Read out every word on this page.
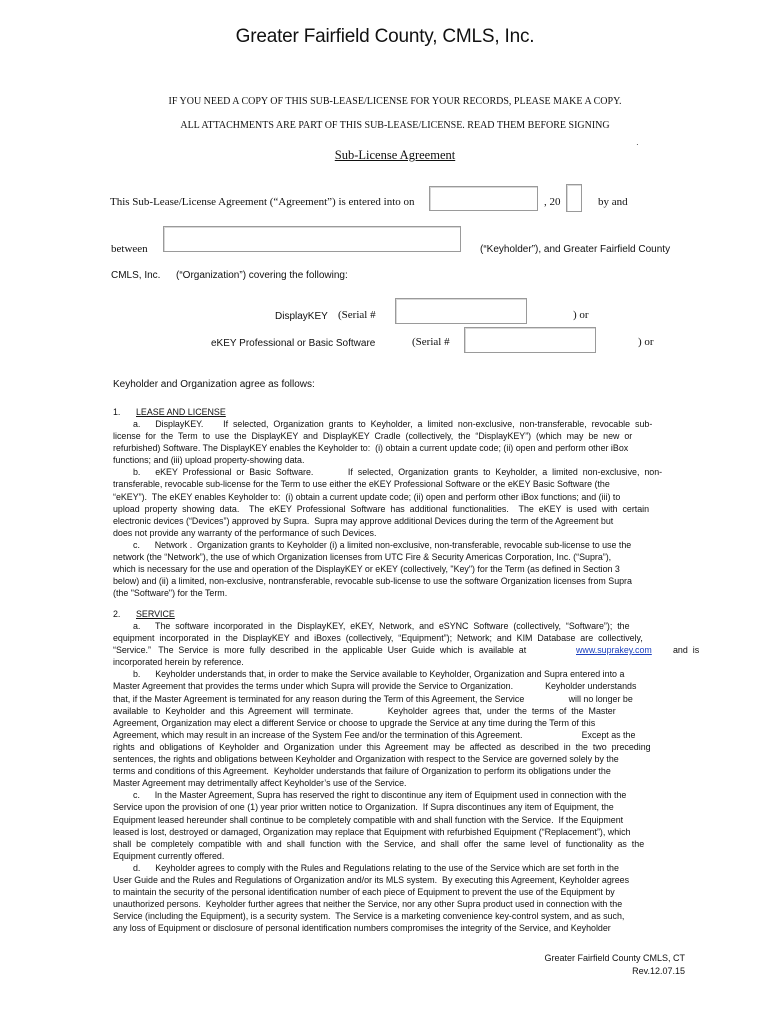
Greater Fairfield County, CMLS, Inc.
IF YOU NEED A COPY OF THIS SUB-LEASE/LICENSE FOR YOUR RECORDS, PLEASE MAKE A COPY.
ALL ATTACHMENTS ARE PART OF THIS SUB-LEASE/LICENSE. READ THEM BEFORE SIGNING
Sub-License Agreement
·
This Sub-Lease/License Agreement (“Agreement”) is entered into on	, 20	by and
between	(“Keyholder”), and Greater Fairfield County
CMLS, Inc. (“Organization”) covering the following:
DisplayKEY (Serial #	) or
eKEY Professional or Basic Software	(Serial #	) or
Keyholder and Organization agree as follows:
1. LEASE AND LICENSE
a.      DisplayKEY.        If  selected,  Organization  grants  to  Keyholder,  a  limited  non-exclusive,  non-transferable,  revocable  sub-
license  for  the  Term  to  use  the  DisplayKEY  and  DisplayKEY  Cradle  (collectively,  the  “DisplayKEY”)  (which  may  be  new  or
refurbished) Software. The DisplayKEY enables the Keyholder to:  (i) obtain a current update code; (ii) open and perform other iBox
functions; and (iii) upload property-showing data.
b.      eKEY  Professional  or  Basic  Software.              If  selected,  Organization  grants  to  Keyholder,  a  limited  non-exclusive,  non-
transferable, revocable sub-license for the Term to use either the eKEY Professional Software or the eKEY Basic Software (the
“eKEY”).  The eKEY enables Keyholder to:  (i) obtain a current update code; (ii) open and perform other iBox functions; and (iii) to
upload  property  showing  data.    The  eKEY  Professional  Software  has  additional  functionalities.    The  eKEY  is  used  with  certain
electronic devices (“Devices”) approved by Supra.  Supra may approve additional Devices during the term of the Agreement but
does not provide any warranty of the performance of such Devices.
c.      Network .  Organization grants to Keyholder (i) a limited non-exclusive, non-transferable, revocable sub-license to use the
network (the “Network”), the use of which Organization licenses from UTC Fire & Security Americas Corporation, Inc. (“Supra”),
which is necessary for the use and operation of the DisplayKEY or eKEY (collectively, "Key") for the Term (as defined in Section 3
below) and (ii) a limited, non-exclusive, nontransferable, revocable sub-license to use the software Organization licenses from Supra
(the "Software") for the Term.
2. SERVICE
a.      The  software  incorporated  in  the  DisplayKEY,  eKEY,  Network,  and  eSYNC  Software  (collectively,  “Software”);  the
equipment  incorporated  in  the  DisplayKEY  and  iBoxes  (collectively,  “Equipment”);  Network;  and  KIM  Database  are  collectively,
“Service.”   The  Service  is  more  fully  described  in  the  applicable  User  Guide  which  is  available  at	www.suprakey.com and  is
incorporated herein by reference.
b.      Keyholder understands that, in order to make the Service available to Keyholder, Organization and Supra entered into a
Master Agreement that provides the terms under which Supra will provide the Service to Organization.             Keyholder understands
that, if the Master Agreement is terminated for any reason during the Term of this Agreement, the Service                  will no longer be
available  to  Keyholder  and  this  Agreement  will  terminate.              Keyholder  agrees  that,  under  the  terms  of  the  Master
Agreement, Organization may elect a different Service or choose to upgrade the Service at any time during the Term of this
Agreement, which may result in an increase of the System Fee and/or the termination of this Agreement.                        Except as the
rights  and  obligations  of  Keyholder  and  Organization  under  this  Agreement  may  be  affected  as  described  in  the  two  preceding
sentences, the rights and obligations between Keyholder and Organization with respect to the Service are governed solely by the
terms and conditions of this Agreement.  Keyholder understands that failure of Organization to perform its obligations under the
Master Agreement may detrimentally affect Keyholder’s use of the Service.
c.      In the Master Agreement, Supra has reserved the right to discontinue any item of Equipment used in connection with the
Service upon the provision of one (1) year prior written notice to Organization.  If Supra discontinues any item of Equipment, the
Equipment leased hereunder shall continue to be completely compatible with and shall function with the Service.  If the Equipment
leased is lost, destroyed or damaged, Organization may replace that Equipment with refurbished Equipment (“Replacement”), which
shall  be  completely  compatible  with  and  shall  function  with  the  Service,  and  shall  offer  the  same  level  of  functionality  as  the
Equipment currently offered.
d.      Keyholder agrees to comply with the Rules and Regulations relating to the use of the Service which are set forth in the
User Guide and the Rules and Regulations of Organization and/or its MLS system.  By executing this Agreement, Keyholder agrees
to maintain the security of the personal identification number of each piece of Equipment to prevent the use of the Equipment by
unauthorized persons.  Keyholder further agrees that neither the Service, nor any other Supra product used in connection with the
Service (including the Equipment), is a security system.  The Service is a marketing convenience key-control system, and as such,
any loss of Equipment or disclosure of personal identification numbers compromises the integrity of the Service, and Keyholder
Greater Fairfield County CMLS, CT
Rev.12.07.15
